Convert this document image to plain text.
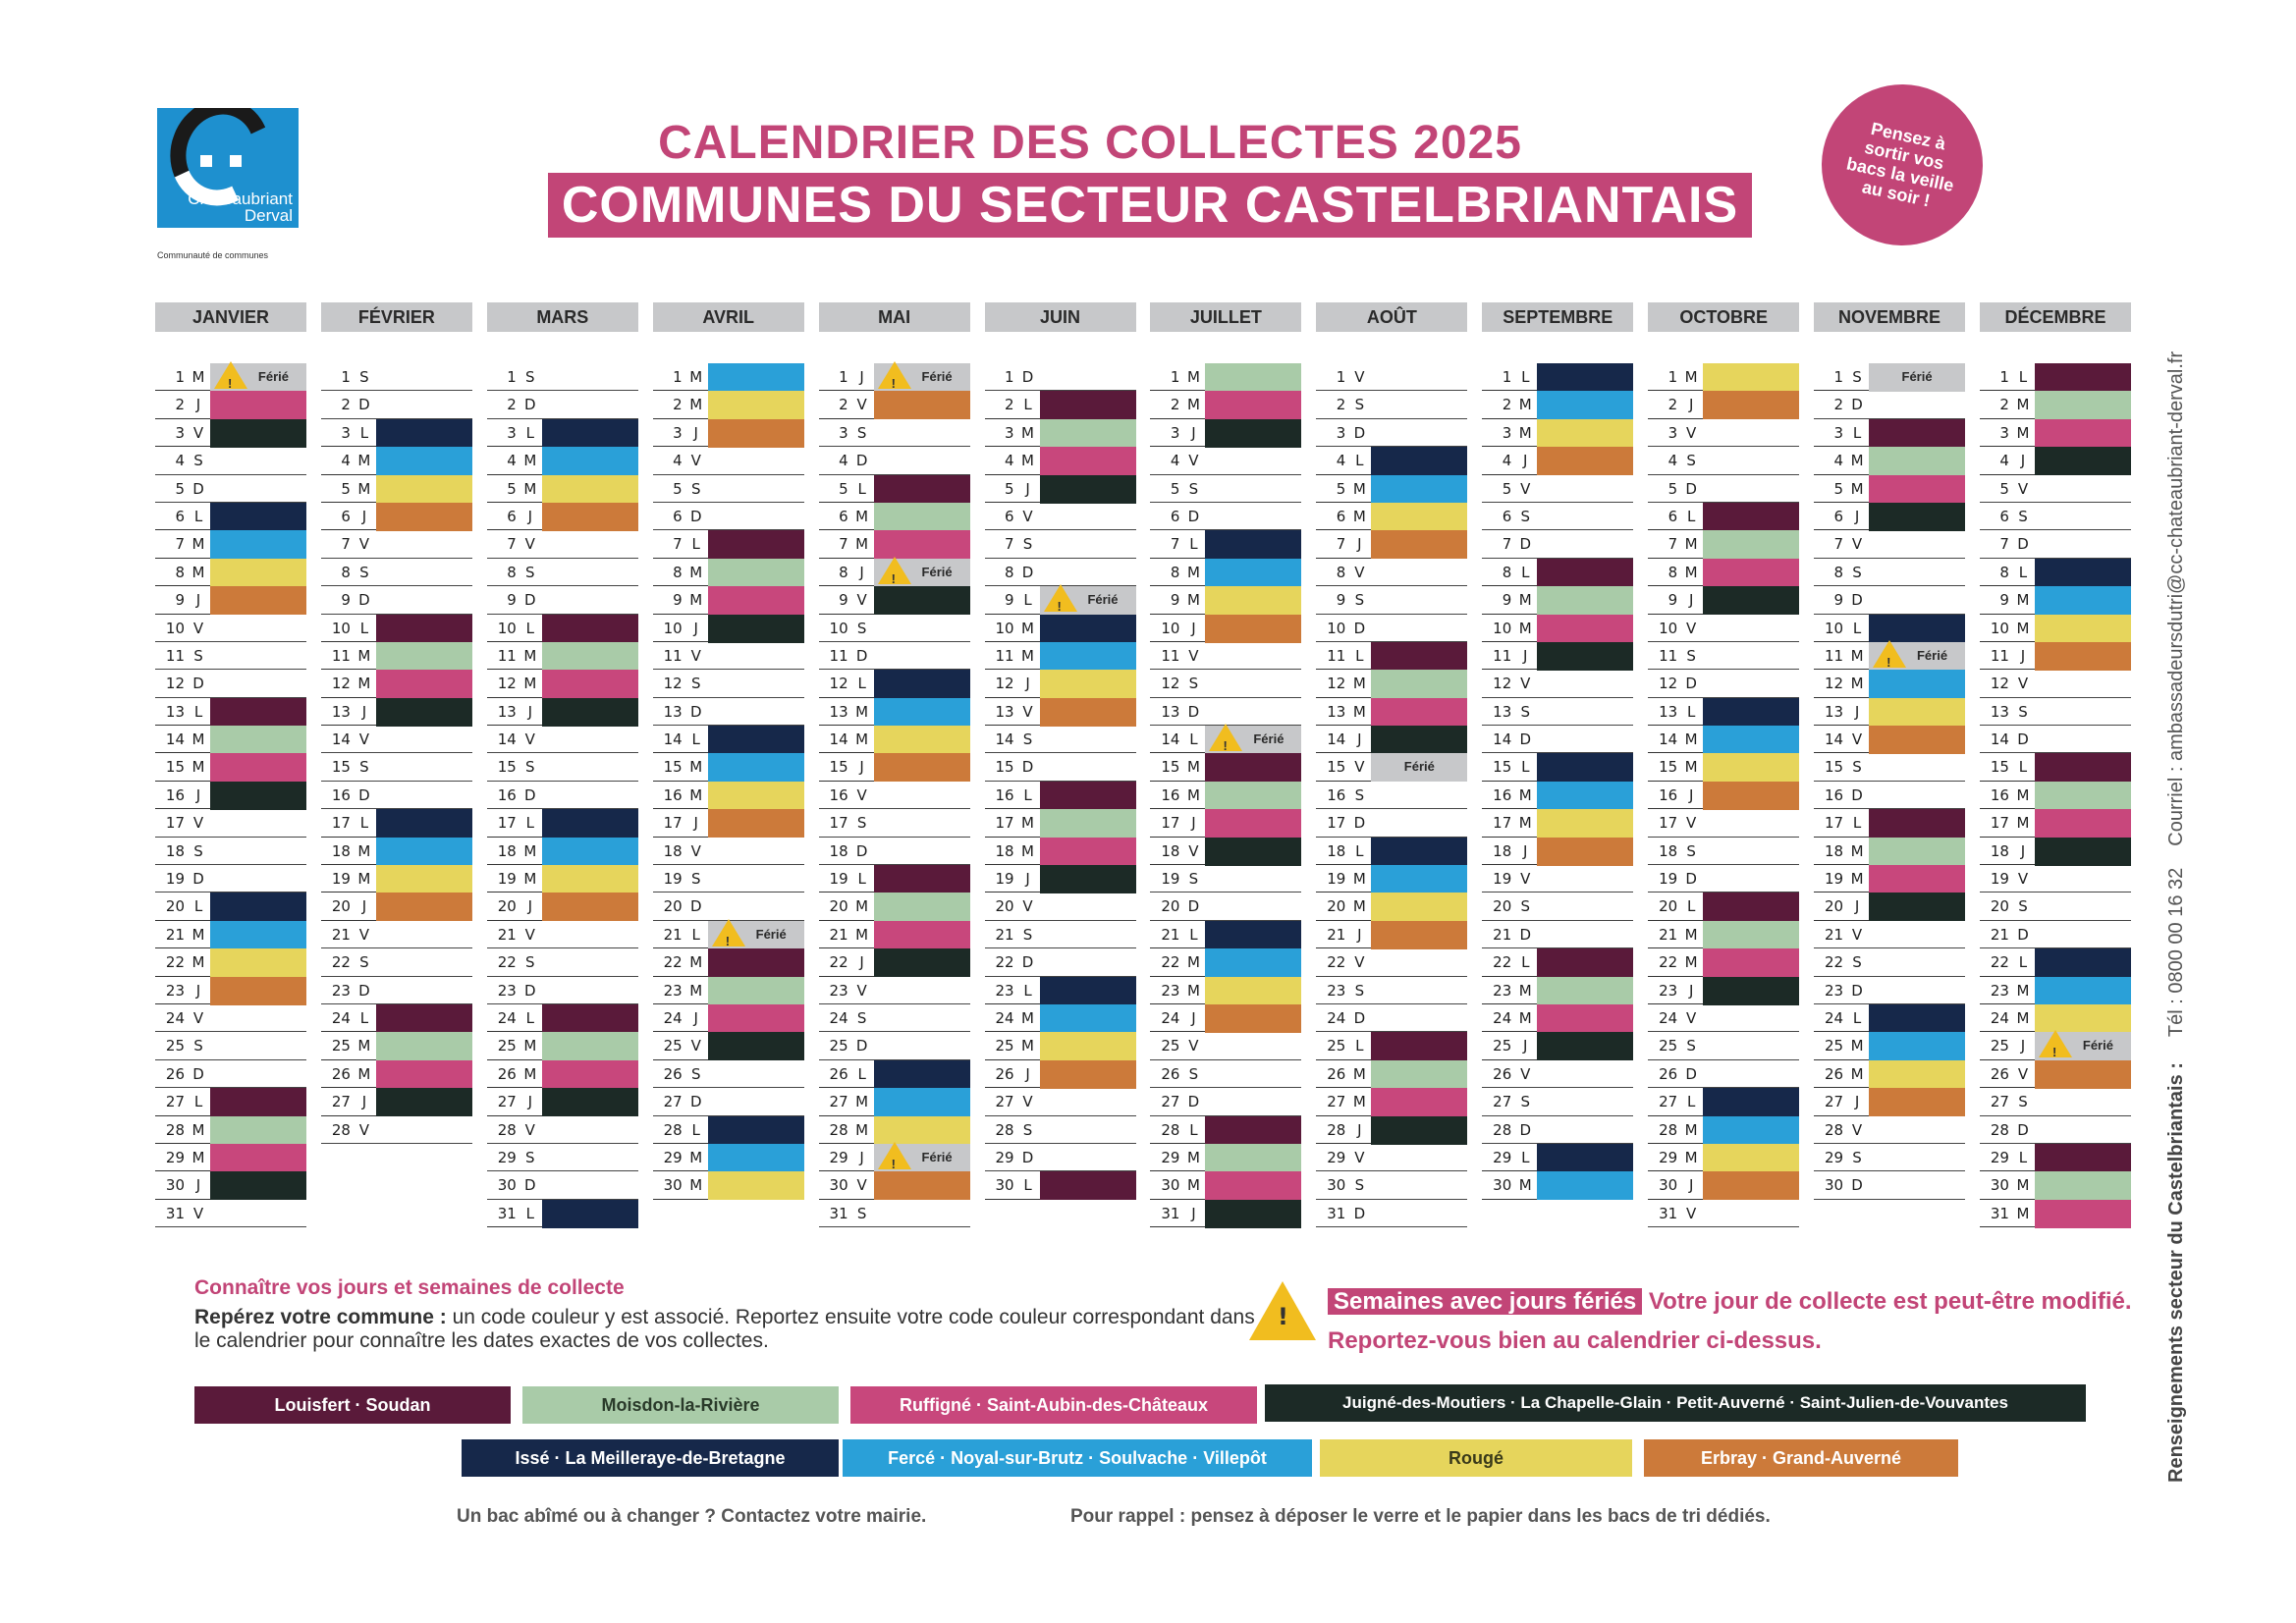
Châteaubriant
Derval
Communauté de communes
CALENDRIER DES COLLECTES 2025
COMMUNES DU SECTEUR CASTELBRIANTAIS
Pensez à sortir vos bacs la veille au soir !
Renseignements secteur du Castelbriantais :Tél : 0800 00 16 32Courriel : ambassadeursdutri@cc-chateaubriant-derval.fr
JANVIER
1 M ! Férié
2 J
3 V
4 S
5 D
6 L
7 M
8 M
9 J
10 V
11 S
12 D
13 L
14 M
15 M
16 J
17 V
18 S
19 D
20 L
21 M
22 M
23 J
24 V
25 S
26 D
27 L
28 M
29 M
30 J
31 V
FÉVRIER
1 S
2 D
3 L
4 M
5 M
6 J
7 V
8 S
9 D
10 L
11 M
12 M
13 J
14 V
15 S
16 D
17 L
18 M
19 M
20 J
21 V
22 S
23 D
24 L
25 M
26 M
27 J
28 V
MARS
1 S
2 D
3 L
4 M
5 M
6 J
7 V
8 S
9 D
10 L
11 M
12 M
13 J
14 V
15 S
16 D
17 L
18 M
19 M
20 J
21 V
22 S
23 D
24 L
25 M
26 M
27 J
28 V
29 S
30 D
31 L
AVRIL
1 M
2 M
3 J
4 V
5 S
6 D
7 L
8 M
9 M
10 J
11 V
12 S
13 D
14 L
15 M
16 M
17 J
18 V
19 S
20 D
21 L	! Férié
22 M
23 M
24 J
25 V
26 S
27 D
28 L
29 M
30 M
MAI
1 J	! Férié
2 V
3 S
4 D
5 L
6 M
7 M
8 J	! Férié
9 V
10 S
11 D
12 L
13 M
14 M
15 J
16 V
17 S
18 D
19 L
20 M
21 M
22 J
23 V
24 S
25 D
26 L
27 M
28 M
29 J	! Férié
30 V
31 S
JUIN
1 D
2 L
3 M
4 M
5 J
6 V
7 S
8 D
9 L	! Férié
10 M
11 M
12 J
13 V
14 S
15 D
16 L
17 M
18 M
19 J
20 V
21 S
22 D
23 L
24 M
25 M
26 J
27 V
28 S
29 D
30 L
JUILLET
1 M
2 M
3 J
4 V
5 S
6 D
7 L
8 M
9 M
10 J
11 V
12 S
13 D
14 L	! Férié
15 M
16 M
17 J
18 V
19 S
20 D
21 L
22 M
23 M
24 J
25 V
26 S
27 D
28 L
29 M
30 M
31 J
AOÛT
1 V
2 S
3 D
4 L
5 M
6 M
7 J
8 V
9 S
10 D
11 L
12 M
13 M
14 J
15 V	Férié
16 S
17 D
18 L
19 M
20 M
21 J
22 V
23 S
24 D
25 L
26 M
27 M
28 J
29 V
30 S
31 D
SEPTEMBRE
1 L
2 M
3 M
4 J
5 V
6 S
7 D
8 L
9 M
10 M
11 J
12 V
13 S
14 D
15 L
16 M
17 M
18 J
19 V
20 S
21 D
22 L
23 M
24 M
25 J
26 V
27 S
28 D
29 L
30 M
OCTOBRE
1 M
2 J
3 V
4 S
5 D
6 L
7 M
8 M
9 J
10 V
11 S
12 D
13 L
14 M
15 M
16 J
17 V
18 S
19 D
20 L
21 M
22 M
23 J
24 V
25 S
26 D
27 L
28 M
29 M
30 J
31 V
NOVEMBRE
1 S	Férié
2 D
3 L
4 M
5 M
6 J
7 V
8 S
9 D
10 L
11 M ! Férié
12 M
13 J
14 V
15 S
16 D
17 L
18 M
19 M
20 J
21 V
22 S
23 D
24 L
25 M
26 M
27 J
28 V
29 S
30 D
DÉCEMBRE
1 L
2 M
3 M
4 J
5 V
6 S
7 D
8 L
9 M
10 M
11 J
12 V
13 S
14 D
15 L
16 M
17 M
18 J
19 V
20 S
21 D
22 L
23 M
24 M
25 J	! Férié
26 V
27 S
28 D
29 L
30 M
31 M
Connaître vos jours et semaines de collecte
Repérez votre commune : un code couleur y est associé. Reportez ensuite votre code couleur correspondant dans le calendrier pour connaître les dates exactes de vos collectes.
!
Semaines avec jours fériés Votre jour de collecte est peut-être modifié. Reportez-vous bien au calendrier ci-dessus.
Louisfert · Soudan	Moisdon-la-Rivière	Ruffigné · Saint-Aubin-des-Châteaux	Juigné-des-Moutiers · La Chapelle-Glain · Petit-Auverné · Saint-Julien-de-Vouvantes
Issé · La Meilleraye-de-Bretagne	Fercé · Noyal-sur-Brutz · Soulvache · Villepôt	Rougé	Erbray · Grand-Auverné
Un bac abîmé ou à changer ? Contactez votre mairie.	Pour rappel : pensez à déposer le verre et le papier dans les bacs de tri dédiés.
